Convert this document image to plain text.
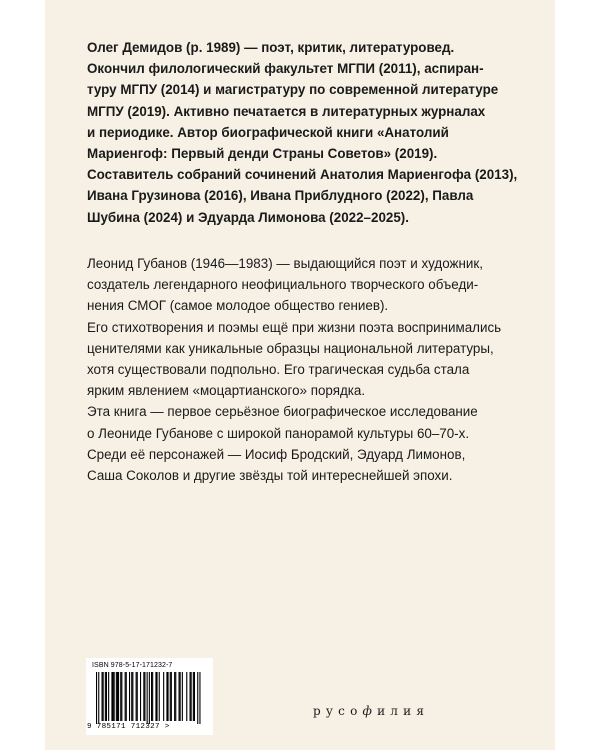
Олег Демидов (р. 1989) — поэт, критик, литературовед.
Окончил филологический факультет МГПИ (2011), аспиран-
туру МГПУ (2014) и магистратуру по современной литературе
МГПУ (2019). Активно печатается в литературных журналах
и периодике. Автор биографической книги «Анатолий
Мариенгоф: Первый денди Страны Советов» (2019).
Составитель собраний сочинений Анатолия Мариенгофа (2013),
Ивана Грузинова (2016), Ивана Приблудного (2022), Павла
Шубина (2024) и Эдуарда Лимонова (2022–2025).
Леонид Губанов (1946—1983) — выдающийся поэт и художник,
создатель легендарного неофициального творческого объеди-
нения СМОГ (самое молодое общество гениев).
Его стихотворения и поэмы ещё при жизни поэта воспринимались
ценителями как уникальные образцы национальной литературы,
хотя существовали подпольно. Его трагическая судьба стала
ярким явлением «моцартианского» порядка.
Эта книга — первое серьёзное биографическое исследование
о Леониде Губанове с широкой панорамой культуры 60–70-х.
Среди её персонажей — Иосиф Бродский, Эдуард Лимонов,
Саша Соколов и другие звёзды той интереснейшей эпохи.
ISBN 978-5-17-171232-7
9 785171 712327 >
русофилия
